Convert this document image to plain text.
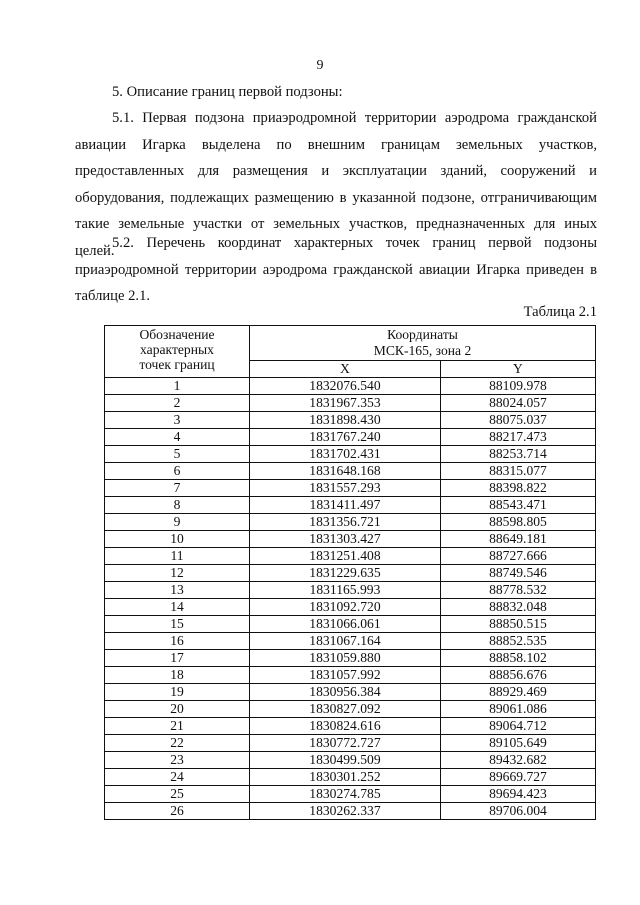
9
5. Описание границ первой подзоны:
5.1. Первая подзона приаэродромной территории аэродрома гражданской авиации Игарка выделена по внешним границам земельных участков, предоставленных для размещения и эксплуатации зданий, сооружений и оборудования, подлежащих размещению в указанной подзоне, отграничивающим такие земельные участки от земельных участков, предназначенных для иных целей.
5.2. Перечень координат характерных точек границ первой подзоны приаэродромной территории аэродрома гражданской авиации Игарка приведен в таблице 2.1.
Таблица 2.1
Обозначение
характерных
точек границ	Координаты
МСК-165, зона 2	

	X	Y
1	1832076.540	88109.978
2	1831967.353	88024.057
3	1831898.430	88075.037
4	1831767.240	88217.473
5	1831702.431	88253.714
6	1831648.168	88315.077
7	1831557.293	88398.822
8	1831411.497	88543.471
9	1831356.721	88598.805
10	1831303.427	88649.181
11	1831251.408	88727.666
12	1831229.635	88749.546
13	1831165.993	88778.532
14	1831092.720	88832.048
15	1831066.061	88850.515
16	1831067.164	88852.535
17	1831059.880	88858.102
18	1831057.992	88856.676
19	1830956.384	88929.469
20	1830827.092	89061.086
21	1830824.616	89064.712
22	1830772.727	89105.649
23	1830499.509	89432.682
24	1830301.252	89669.727
25	1830274.785	89694.423
26	1830262.337	89706.004
